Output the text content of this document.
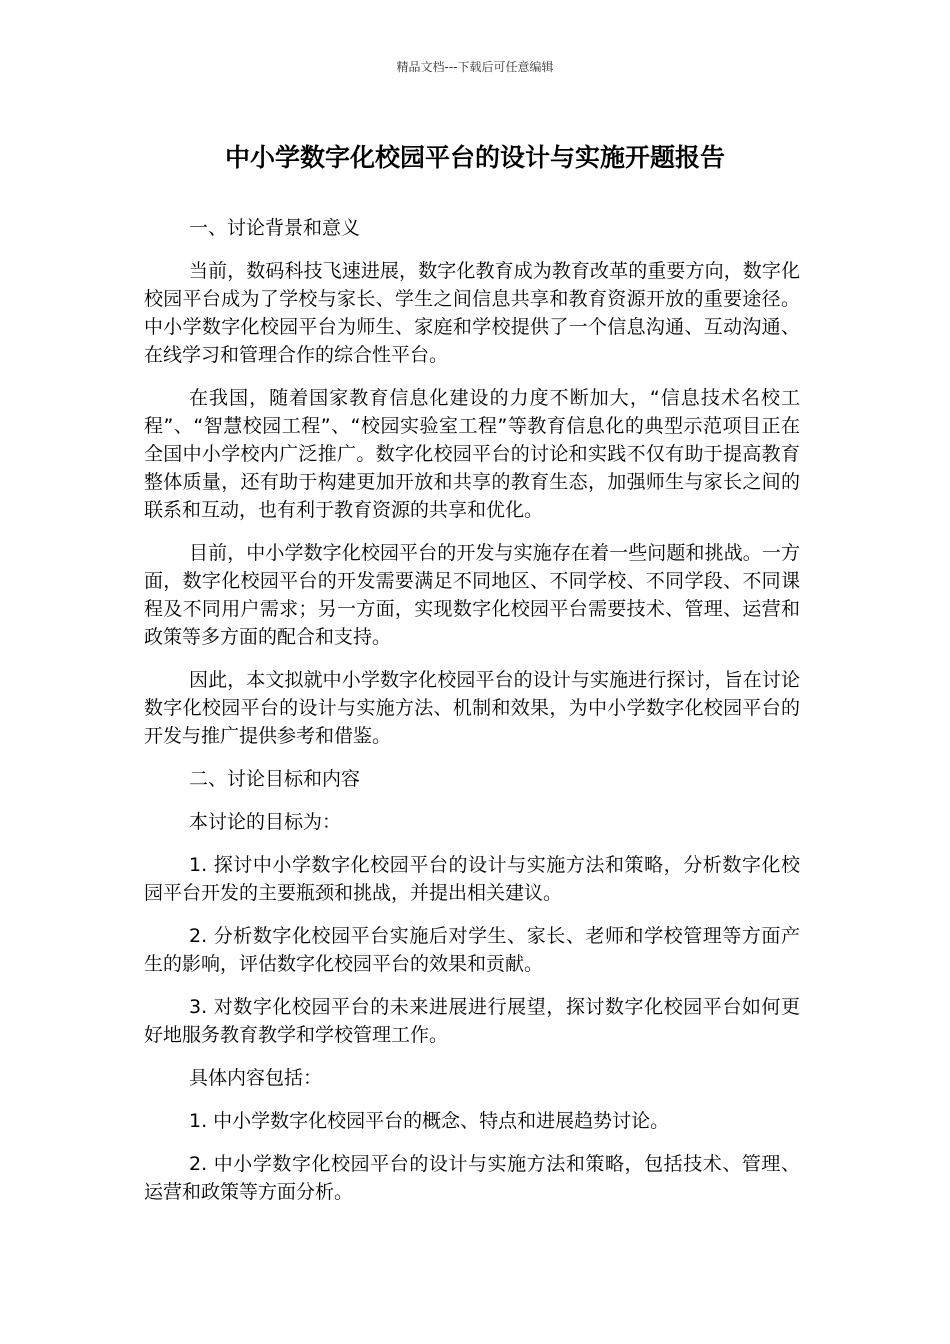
精品文档---下载后可任意编辑
中小学数字化校园平台的设计与实施开题报告

一、讨论背景和意义

当前，数码科技飞速进展，数字化教育成为教育改革的重要方向，数字化校园平台成为了学校与家长、学生之间信息共享和教育资源开放的重要途径。中小学数字化校园平台为师生、家庭和学校提供了一个信息沟通、互动沟通、在线学习和管理合作的综合性平台。

在我国，随着国家教育信息化建设的力度不断加大，“信息技术名校工程”、“智慧校园工程”、“校园实验室工程”等教育信息化的典型示范项目正在全国中小学校内广泛推广。数字化校园平台的讨论和实践不仅有助于提高教育整体质量，还有助于构建更加开放和共享的教育生态，加强师生与家长之间的联系和互动，也有利于教育资源的共享和优化。

目前，中小学数字化校园平台的开发与实施存在着一些问题和挑战。一方面，数字化校园平台的开发需要满足不同地区、不同学校、不同学段、不同课程及不同用户需求；另一方面，实现数字化校园平台需要技术、管理、运营和政策等多方面的配合和支持。

因此，本文拟就中小学数字化校园平台的设计与实施进行探讨，旨在讨论数字化校园平台的设计与实施方法、机制和效果，为中小学数字化校园平台的开发与推广提供参考和借鉴。

二、讨论目标和内容

本讨论的目标为：

1. 探讨中小学数字化校园平台的设计与实施方法和策略，分析数字化校园平台开发的主要瓶颈和挑战，并提出相关建议。

2. 分析数字化校园平台实施后对学生、家长、老师和学校管理等方面产生的影响，评估数字化校园平台的效果和贡献。

3. 对数字化校园平台的未来进展进行展望，探讨数字化校园平台如何更好地服务教育教学和学校管理工作。

具体内容包括：

1. 中小学数字化校园平台的概念、特点和进展趋势讨论。

2. 中小学数字化校园平台的设计与实施方法和策略，包括技术、管理、运营和政策等方面分析。
